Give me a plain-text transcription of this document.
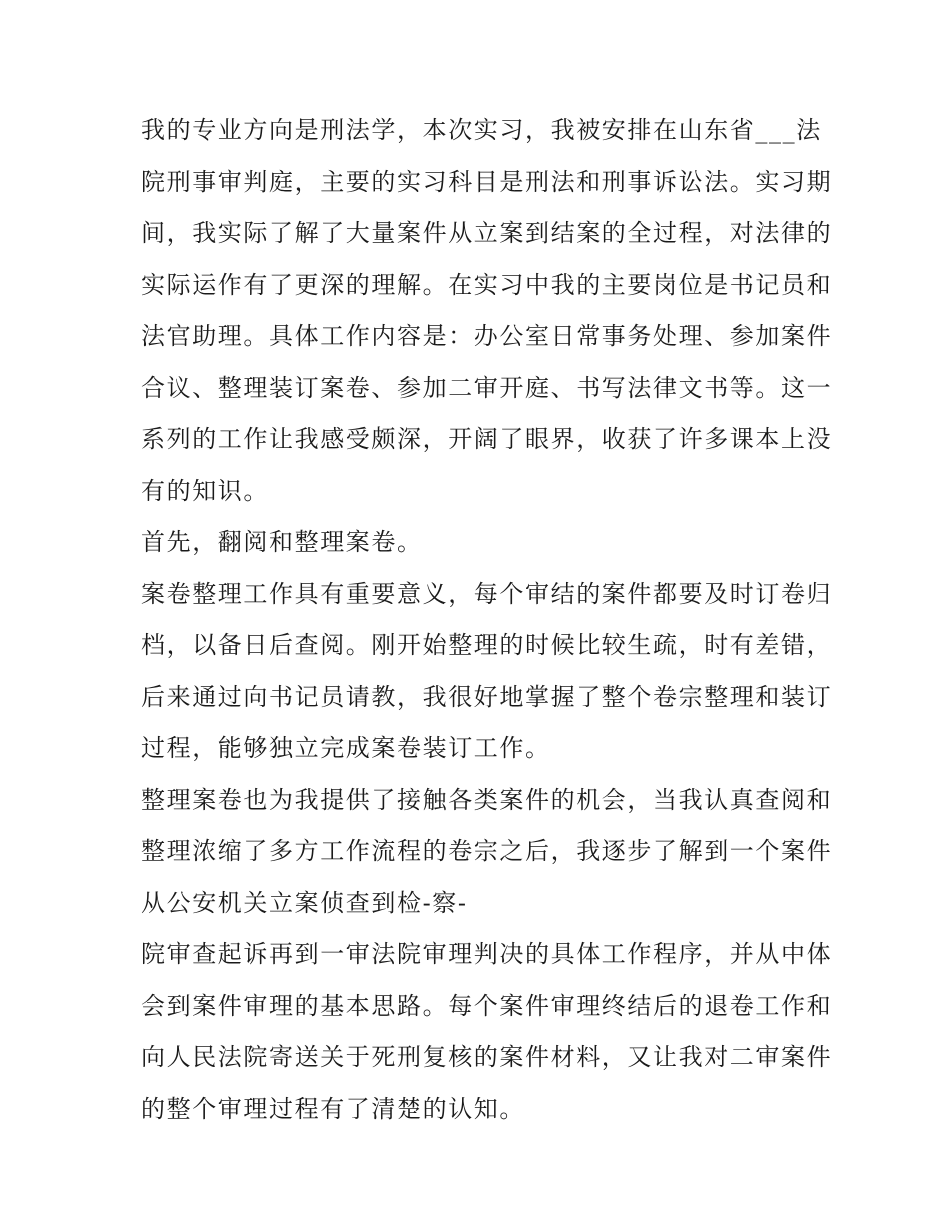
我的专业方向是刑法学，本次实习，我被安排在山东省___法
院刑事审判庭，主要的实习科目是刑法和刑事诉讼法。实习期
间，我实际了解了大量案件从立案到结案的全过程，对法律的
实际运作有了更深的理解。在实习中我的主要岗位是书记员和
法官助理。具体工作内容是：办公室日常事务处理、参加案件
合议、整理装订案卷、参加二审开庭、书写法律文书等。这一
系列的工作让我感受颇深，开阔了眼界，收获了许多课本上没
有的知识。
首先，翻阅和整理案卷。
案卷整理工作具有重要意义，每个审结的案件都要及时订卷归
档，以备日后查阅。刚开始整理的时候比较生疏，时有差错，
后来通过向书记员请教，我很好地掌握了整个卷宗整理和装订
过程，能够独立完成案卷装订工作。
整理案卷也为我提供了接触各类案件的机会，当我认真查阅和
整理浓缩了多方工作流程的卷宗之后，我逐步了解到一个案件
从公安机关立案侦查到检-察-
院审查起诉再到一审法院审理判决的具体工作程序，并从中体
会到案件审理的基本思路。每个案件审理终结后的退卷工作和
向人民法院寄送关于死刑复核的案件材料，又让我对二审案件
的整个审理过程有了清楚的认知。
